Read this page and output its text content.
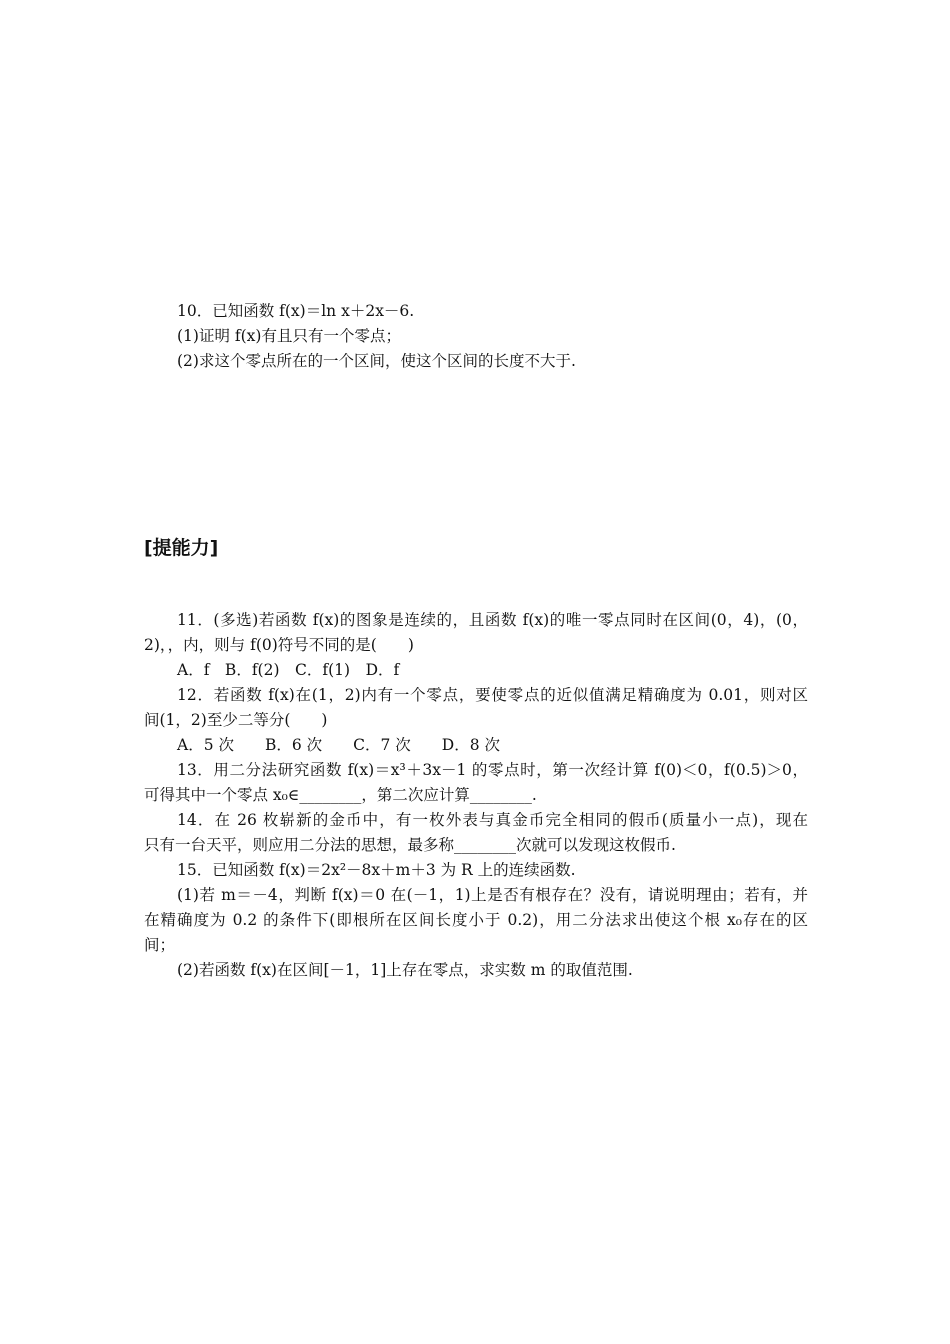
10．已知函数 f(x)＝ln x＋2x－6.
(1)证明 f(x)有且只有一个零点；
(2)求这个零点所在的一个区间，使这个区间的长度不大于.
[提能力]
11．(多选)若函数 f(x)的图象是连续的，且函数 f(x)的唯一零点同时在区间(0，4)，(0，
2)，，内，则与 f(0)符号不同的是(　　)
A．f　B．f(2)　C．f(1)　D．f
12．若函数 f(x)在(1，2)内有一个零点，要使零点的近似值满足精确度为 0.01，则对区
间(1，2)至少二等分(　　)
A．5 次　　B．6 次　　C．7 次　　D．8 次
13．用二分法研究函数 f(x)＝x³＋3x－1 的零点时，第一次经计算 f(0)＜0，f(0.5)＞0，
可得其中一个零点 x₀∈________，第二次应计算________.
14．在 26 枚崭新的金币中，有一枚外表与真金币完全相同的假币(质量小一点)，现在
只有一台天平，则应用二分法的思想，最多称________次就可以发现这枚假币.
15．已知函数 f(x)＝2x²－8x＋m＋3 为 R 上的连续函数.
(1)若 m＝－4，判断 f(x)＝0 在(－1，1)上是否有根存在？没有，请说明理由；若有，并
在精确度为 0.2 的条件下(即根所在区间长度小于 0.2)，用二分法求出使这个根 x₀存在的区
间；
(2)若函数 f(x)在区间[－1，1]上存在零点，求实数 m 的取值范围.
